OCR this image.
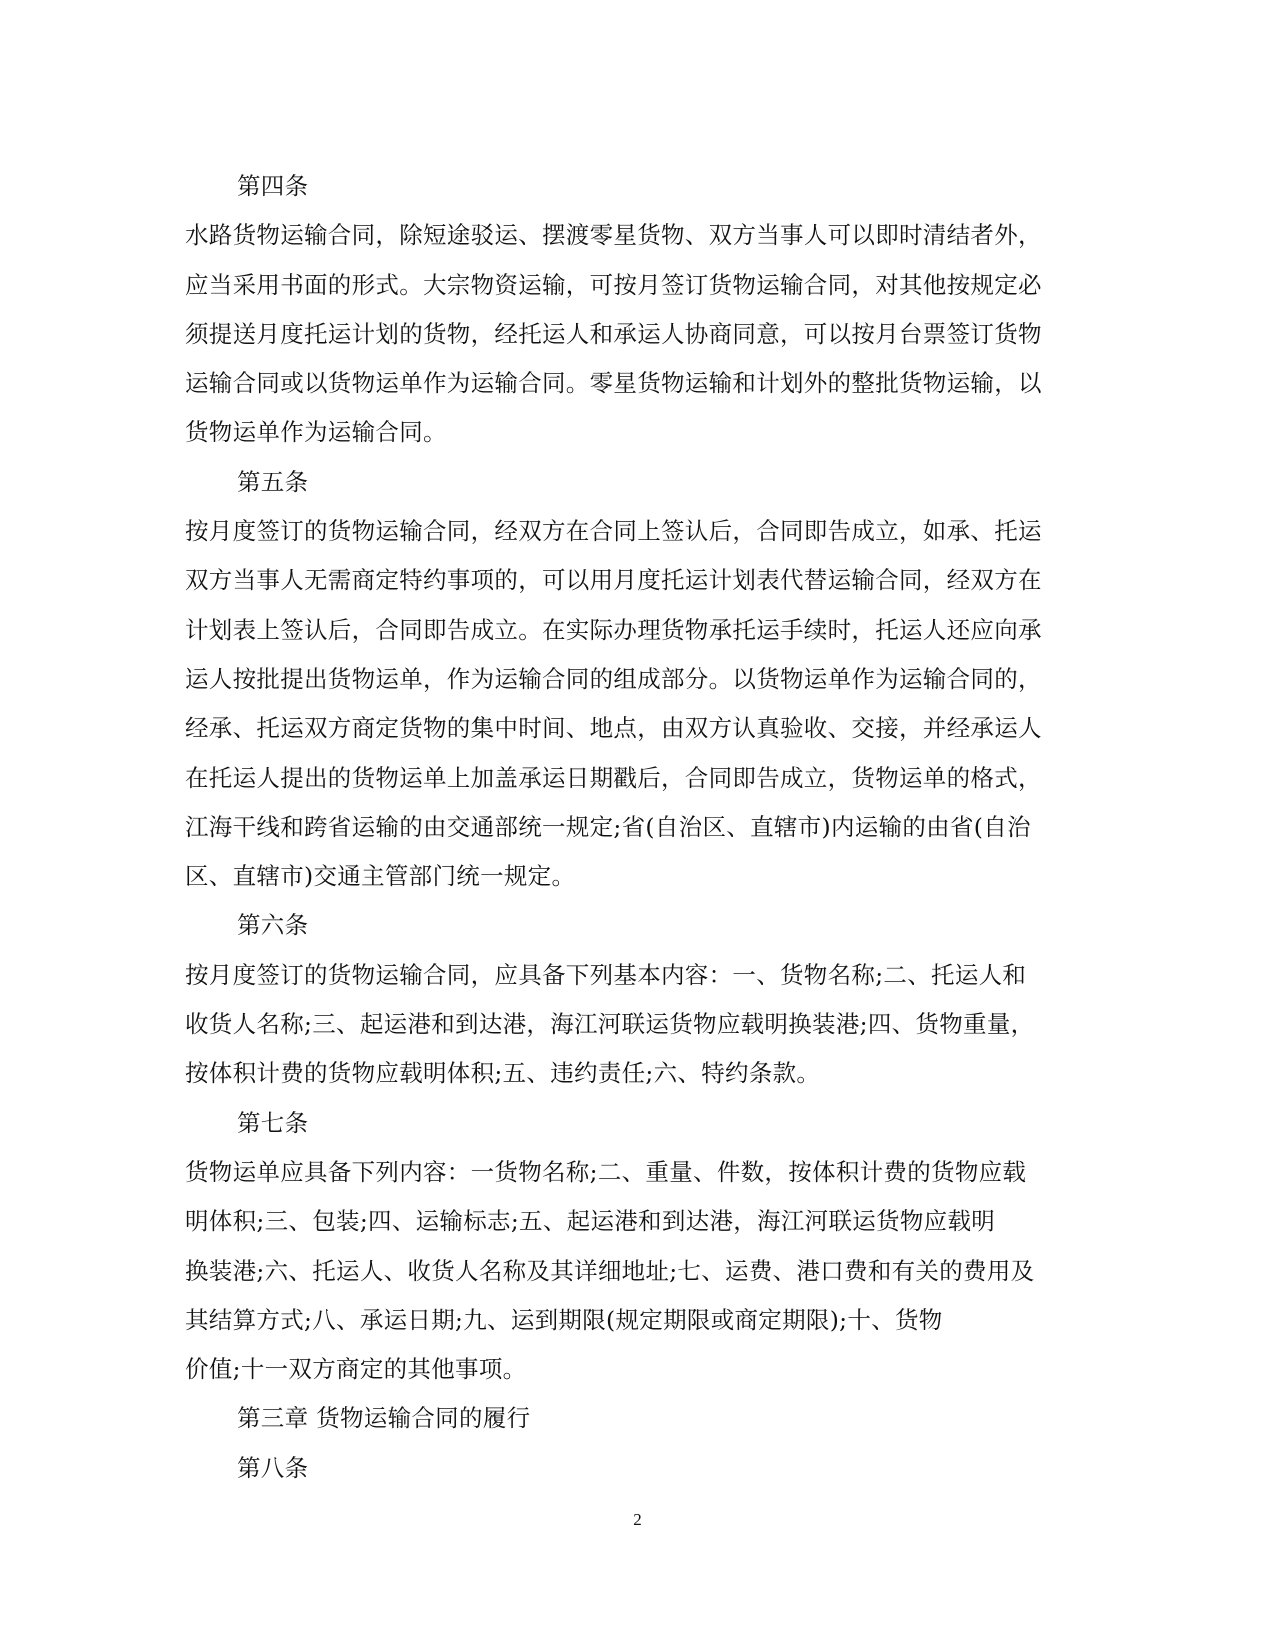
第四条
水路货物运输合同，除短途驳运、摆渡零星货物、双方当事人可以即时清结者外，
应当采用书面的形式。大宗物资运输，可按月签订货物运输合同，对其他按规定必
须提送月度托运计划的货物，经托运人和承运人协商同意，可以按月台票签订货物
运输合同或以货物运单作为运输合同。零星货物运输和计划外的整批货物运输，以
货物运单作为运输合同。
第五条
按月度签订的货物运输合同，经双方在合同上签认后，合同即告成立，如承、托运
双方当事人无需商定特约事项的，可以用月度托运计划表代替运输合同，经双方在
计划表上签认后，合同即告成立。在实际办理货物承托运手续时，托运人还应向承
运人按批提出货物运单，作为运输合同的组成部分。以货物运单作为运输合同的，
经承、托运双方商定货物的集中时间、地点，由双方认真验收、交接，并经承运人
在托运人提出的货物运单上加盖承运日期戳后，合同即告成立，货物运单的格式，
江海干线和跨省运输的由交通部统一规定;省(自治区、直辖市)内运输的由省(自治
区、直辖市)交通主管部门统一规定。
第六条
按月度签订的货物运输合同，应具备下列基本内容：一、货物名称;二、托运人和
收货人名称;三、起运港和到达港，海江河联运货物应载明换装港;四、货物重量，
按体积计费的货物应载明体积;五、违约责任;六、特约条款。
第七条
货物运单应具备下列内容：一货物名称;二、重量、件数，按体积计费的货物应载
明体积;三、包装;四、运输标志;五、起运港和到达港，海江河联运货物应载明
换装港;六、托运人、收货人名称及其详细地址;七、运费、港口费和有关的费用及
其结算方式;八、承运日期;九、运到期限(规定期限或商定期限);十、货物
价值;十一双方商定的其他事项。
第三章 货物运输合同的履行
第八条
2
